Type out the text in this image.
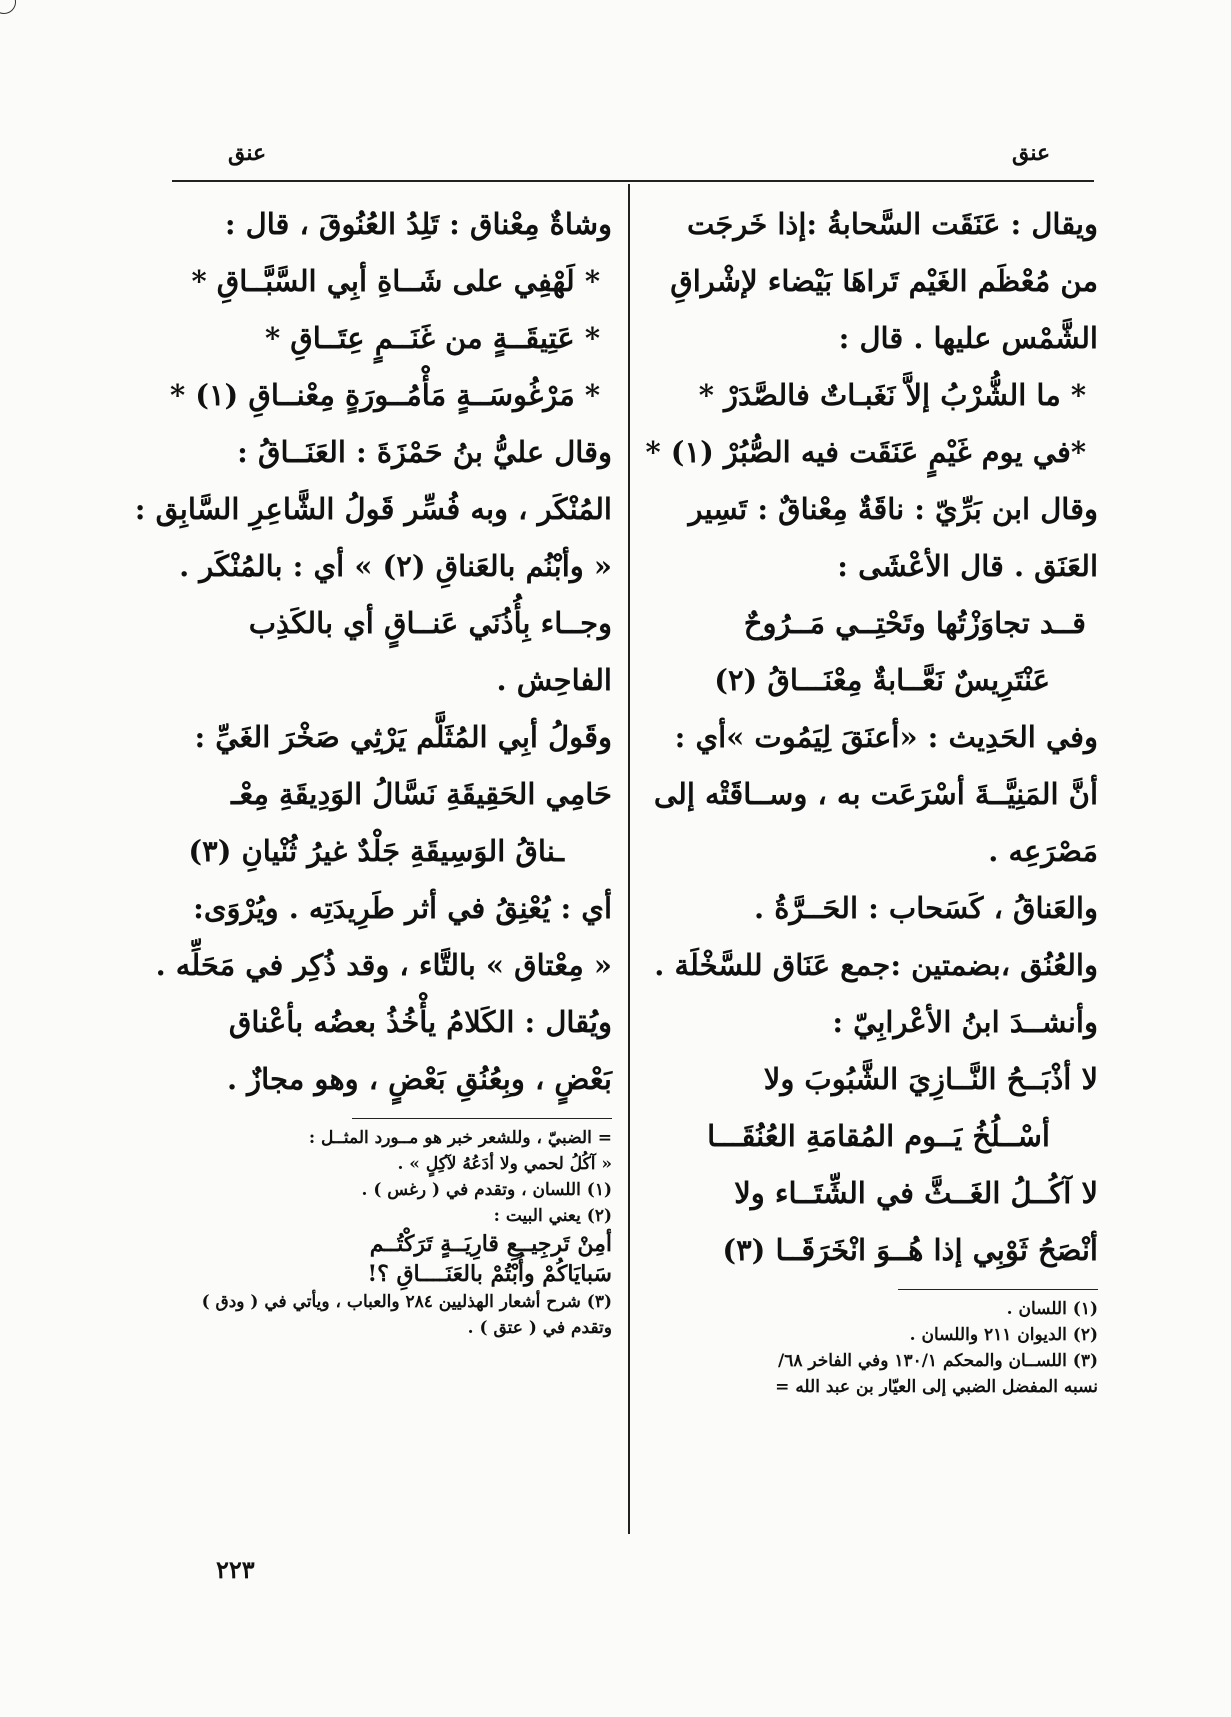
عنق
عنق
ويقال : عَنَقَت السَّحابةُ :إذا خَرجَت
من مُعْظَم الغَيْم تَراهَا بَيْضاء لإشْراقِ
الشَّمْس عليها . قال :
* ما الشُّرْبُ إلاَّ نَغَبـاتٌ فالصَّدَرْ *
*في يوم غَيْمٍ عَنَقَت فيه الصُّبُرْ (١) *
وقال ابن بَرِّيّ : ناقَةٌ مِعْناقٌ : تَسِير
العَنَق . قال الأعْشَى :
قــد تجاوَزْتُها وتَحْتِــي مَــرُوحٌ
عَنْتَرِيسٌ نَعَّــابةٌ مِعْنَـــاقُ (٢)
وفي الحَدِيث : «أعنَقَ لِيَمُوت »أي :
أنَّ المَنِيَّــةَ أسْرَعَت به ، وســاقَتْه إلى
مَصْرَعِه .
والعَناقُ ، كَسَحاب : الحَــرَّةُ .
والعُنُق ،بضمتين :جمع عَنَاق للسَّخْلَة .
وأنشــدَ ابنُ الأعْرابِيّ :
لا أذْبَــحُ النَّــازِيَ الشَّبُوبَ ولا
أسْــلُخُ يَــوم المُقامَةِ العُنُقَـــا
لا آكُــلُ الغَــثَّ في الشِّتَــاء ولا
أنْصَحُ ثَوْبِي إذا هُــوَ انْخَرَقَــا (٣)
(١) اللسان .
(٢) الديوان ٢١١ واللسان .
(٣) اللســان والمحكم ١٣٠/١ وفي الفاخر ٦٨/
نسبه المفضل الضبي إلى العيّار بن عبد الله =
وشاةٌ مِعْناق : تَلِدُ العُنُوقَ ، قال :
* لَهْفِي على شَــاةِ أبِي السَّبَّــاقِ *
* عَتِيقَــةٍ من غَنَــمٍ عِتَــاقِ *
* مَرْغُوسَــةٍ مَأْمُــورَةٍ مِعْنــاقِ (١) *
وقال عليُّ بنُ حَمْزَةَ : العَنَــاقُ :
المُنْكَر ، وبه فُسِّر قَولُ الشَّاعِرِ السَّابِق :
« وأبْنُم بالعَناقِ (٢) » أي : بالمُنْكَر .
وجــاء بِأُذُنَي عَنــاقٍ أي بالكَذِب
الفاحِش .
وقَولُ أبِي المُثَلَّم يَرْثِي صَخْرَ الغَيِّ :
حَامِي الحَقِيقَةِ نَسَّالُ الوَدِيقَةِ مِعْـ
ـناقُ الوَسِيقَةِ جَلْدٌ غيرُ ثُنْيانِ (٣)
أي : يُعْنِقُ في أثر طَرِيدَتِه . ويُرْوَى:
« مِعْتاق » بالتَّاء ، وقد ذُكِر في مَحَلِّه .
ويُقال : الكَلامُ يأْخُذُ بعضُه بأعْناق
بَعْضٍ ، وبِعُنُقِ بَعْضٍ ، وهو مجازٌ .
= الضبيّ ، وللشعر خبر هو مــورد المثــل :
« آكُلُ لحمي ولا أدَعُهُ لآكِلٍ » .
(١) اللسان ، وتقدم في ( رغس ) .
(٢) يعني البيت :
أمِنْ تَرجِيــعِ قارِيَــةٍ تَرَكْتُــم
سَبايَاكُمْ وأُبْتُمْ بالعَنَــــاقِ ؟!
(٣) شرح أشعار الهذليين ٢٨٤ والعباب ، ويأتي في ( ودق )
وتقدم في ( عتق ) .
٢٢٣
